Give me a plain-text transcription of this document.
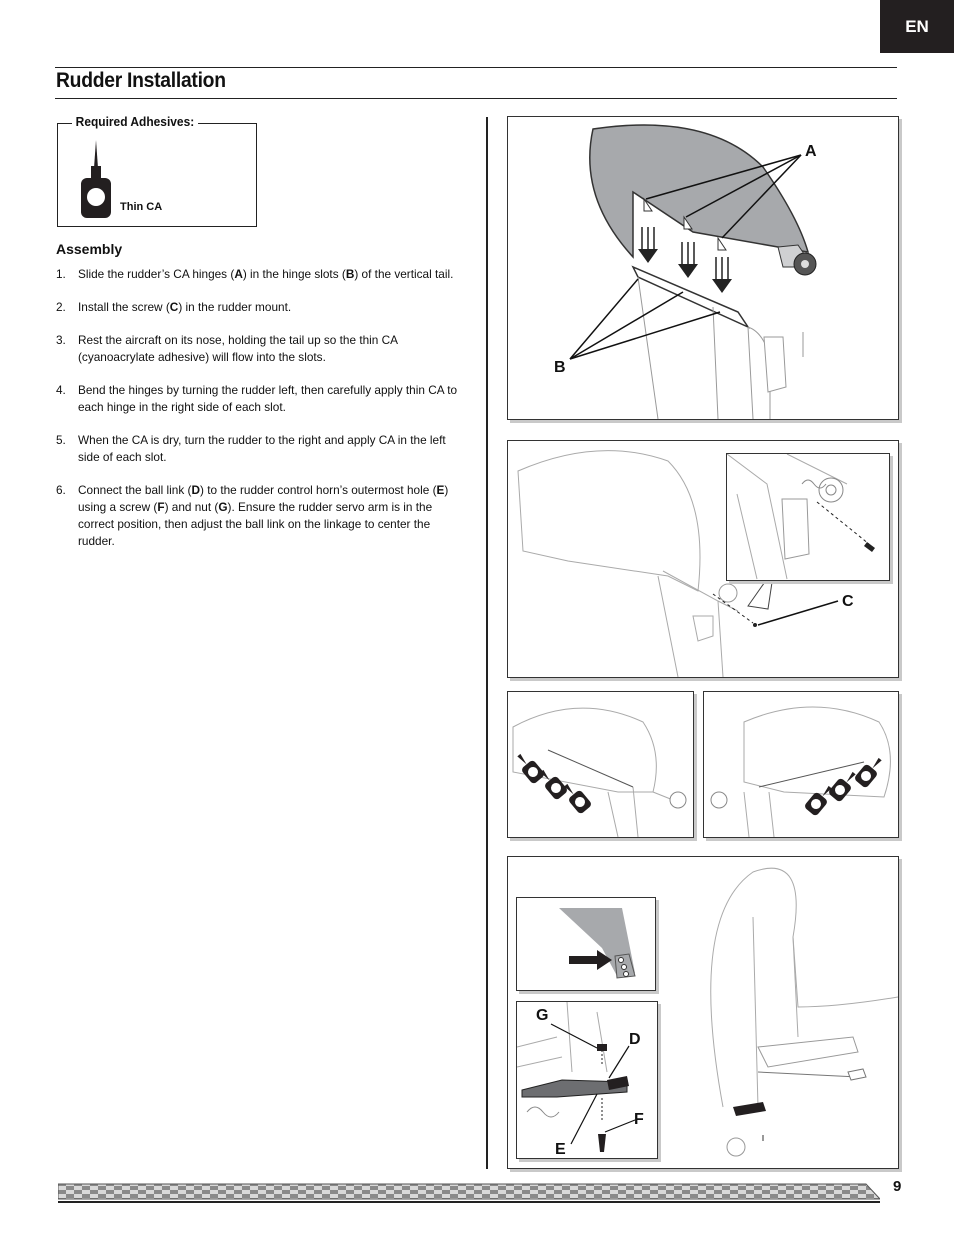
EN
Rudder Installation
Required Adhesives:
Thin CA
Assembly
1.	Slide the rudder’s CA hinges (A) in the hinge slots (B) of the vertical tail.
2.	Install the screw (C) in the rudder mount.
3.	Rest the aircraft on its nose, holding the tail up so the thin CA (cyanoacrylate adhesive) will flow into the slots.
4.	Bend the hinges by turning the rudder left, then carefully apply thin CA to each hinge in the right side of each slot.
5.	When the CA is dry, turn the rudder to the right and apply CA in the left side of each slot.
6.	Connect the ball link (D) to the rudder control horn’s outermost hole (E) using a screw (F) and nut (G). Ensure the rudder servo arm is in the correct position, then adjust the ball link on the linkage to center the rudder.
A
B
C
G
D
F
E
9
